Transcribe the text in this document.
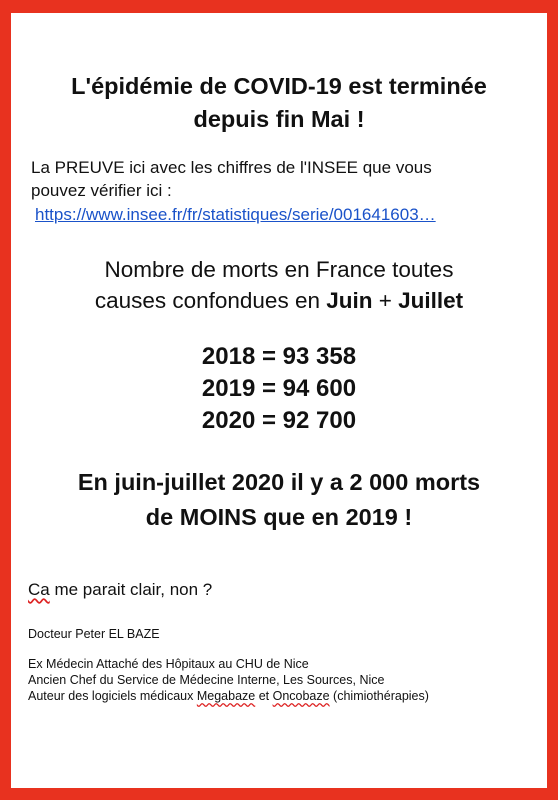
L'épidémie de COVID-19 est terminée
depuis fin Mai !
La PREUVE ici avec les chiffres de l'INSEE que vous
pouvez vérifier ici :
https://www.insee.fr/fr/statistiques/serie/001641603…
Nombre de morts en France toutes
causes confondues en Juin + Juillet
2018 = 93 358
2019 = 94 600
2020 = 92 700
En juin-juillet 2020 il y a 2 000 morts
de MOINS que en 2019 !
Ca me parait clair, non ?
Docteur Peter EL BAZE
Ex Médecin Attaché des Hôpitaux au CHU de Nice
Ancien Chef du Service de Médecine Interne, Les Sources, Nice
Auteur des logiciels médicaux Megabaze et Oncobaze (chimiothérapies)
